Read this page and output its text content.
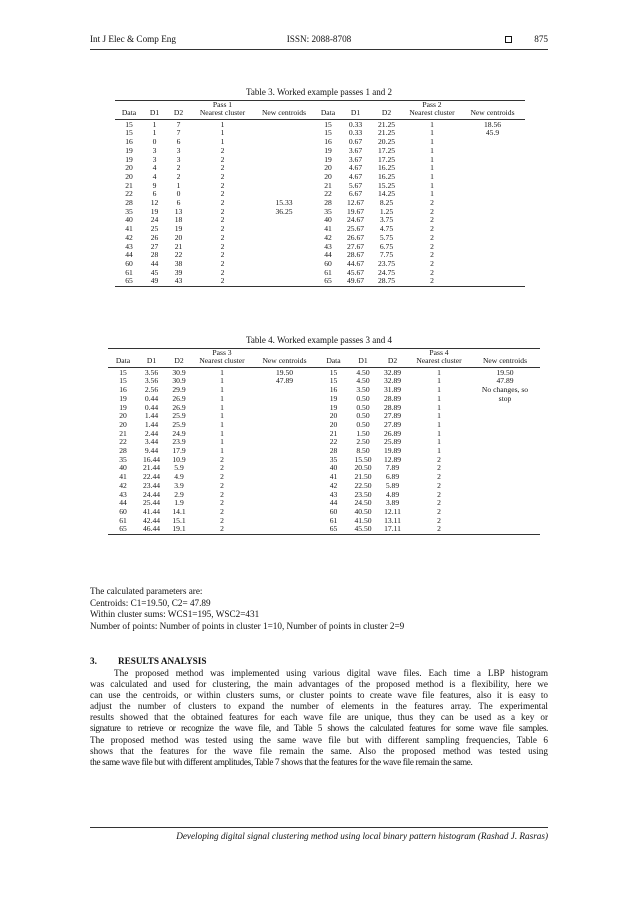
Int J Elec & Comp Eng	ISSN: 2088-8708	875
Table 3. Worked example passes 1 and 2
			Pass 1					Pass 2	
Data	D1	D2	Nearest cluster	New centroids	Data	D1	D2	Nearest cluster	New centroids
15	1	7	1		15	0.33	21.25	1	18.56
15	1	7	1		15	0.33	21.25	1	45.9
16	0	6	1		16	0.67	20.25	1	
19	3	3	2		19	3.67	17.25	1	
19	3	3	2		19	3.67	17.25	1	
20	4	2	2		20	4.67	16.25	1	
20	4	2	2		20	4.67	16.25	1	
21	9	1	2		21	5.67	15.25	1	
22	6	0	2		22	6.67	14.25	1	
28	12	6	2	15.33	28	12.67	8.25	2	
35	19	13	2	36.25	35	19.67	1.25	2	
40	24	18	2		40	24.67	3.75	2	
41	25	19	2		41	25.67	4.75	2	
42	26	20	2		42	26.67	5.75	2	
43	27	21	2		43	27.67	6.75	2	
44	28	22	2		44	28.67	7.75	2	
60	44	38	2		60	44.67	23.75	2	
61	45	39	2		61	45.67	24.75	2	
65	49	43	2		65	49.67	28.75	2	
Table 4. Worked example passes 3 and 4
			Pass 3					Pass 4	
Data	D1	D2	Nearest cluster	New centroids	Data	D1	D2	Nearest cluster	New centroids
15	3.56	30.9	1	19.50	15	4.50	32.89	1	19.50
15	3.56	30.9	1	47.89	15	4.50	32.89	1	47.89
16	2.56	29.9	1		16	3.50	31.89	1	No changes, so
19	0.44	26.9	1		19	0.50	28.89	1	stop
19	0.44	26.9	1		19	0.50	28.89	1	
20	1.44	25.9	1		20	0.50	27.89	1	
20	1.44	25.9	1		20	0.50	27.89	1	
21	2.44	24.9	1		21	1.50	26.89	1	
22	3.44	23.9	1		22	2.50	25.89	1	
28	9.44	17.9	1		28	8.50	19.89	1	
35	16.44	10.9	2		35	15.50	12.89	2	
40	21.44	5.9	2		40	20.50	7.89	2	
41	22.44	4.9	2		41	21.50	6.89	2	
42	23.44	3.9	2		42	22.50	5.89	2	
43	24.44	2.9	2		43	23.50	4.89	2	
44	25.44	1.9	2		44	24.50	3.89	2	
60	41.44	14.1	2		60	40.50	12.11	2	
61	42.44	15.1	2		61	41.50	13.11	2	
65	46.44	19.1	2		65	45.50	17.11	2	
The calculated parameters are:
Centroids: C1=19.50, C2= 47.89
Within cluster sums: WCS1=195, WSC2=431
Number of points: Number of points in cluster 1=10, Number of points in cluster 2=9
3. RESULTS ANALYSIS
The proposed method was implemented using various digital wave files. Each time a LBP histogram
was calculated and used for clustering, the main advantages of the proposed method is a flexibility, here we
can use the centroids, or within clusters sums, or cluster points to create wave file features, also it is easy to
adjust the number of clusters to expand the number of elements in the features array. The experimental
results showed that the obtained features for each wave file are unique, thus they can be used as a key or
signature to retrieve or recognize the wave file, and Table 5 shows the calculated features for some wave file samples.
The proposed method was tested using the same wave file but with different sampling frequencies, Table 6
shows that the features for the wave file remain the same. Also the proposed method was tested using
the same wave file but with different amplitudes, Table 7 shows that the features for the wave file remain the same.
Developing digital signal clustering method using local binary pattern histogram (Rashad J. Rasras)
